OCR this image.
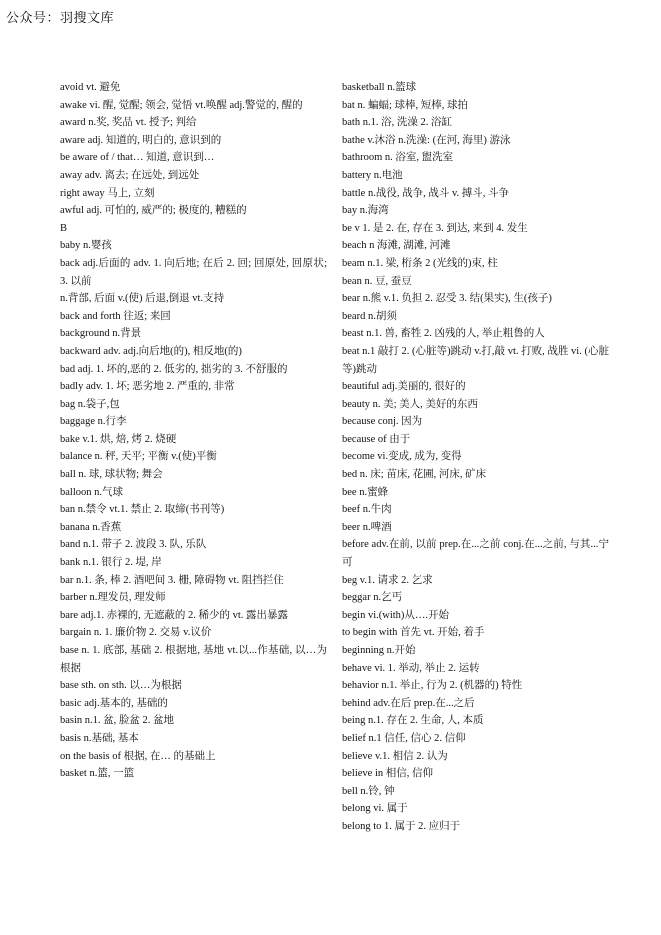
公众号：羽搜文库

avoid vt. 避免

awake vi. 醒, 觉醒; 领会, 觉悟 vt.唤醒 adj.警觉的, 醒的

award n.奖, 奖品 vt. 授予; 判给

aware adj. 知道的, 明白的, 意识到的

be aware of / that… 知道, 意识到…

away adv. 离去; 在远处, 到远处

right away 马上, 立刻

awful adj. 可怕的, 威严的; 极度的, 糟糕的

B

baby n.婴孩

back adj.后面的 adv. 1. 向后地; 在后 2. 回; 回原处, 回原状; 3. 以前

n.背部, 后面 v.(使) 后退,倒退 vt.支持

back and forth 往返; 来回

background n.背景

backward adv. adj.向后地(的), 相反地(的)

bad adj. 1. 坏的,恶的 2. 低劣的, 拙劣的 3. 不舒服的

badly adv. 1. 坏; 恶劣地 2. 严重的, 非常

bag n.袋子,包

baggage n.行李

bake v.1. 烘, 焙, 烤 2. 烧硬

balance n. 秤, 天平; 平衡 v.(使)平衡

ball n. 球, 球状物; 舞会

balloon n.气球

ban n.禁令 vt.1. 禁止 2. 取缔(书刊等)

banana n.香蕉

band n.1. 带子 2. 波段 3. 队, 乐队

bank n.1. 银行 2. 堤, 岸

bar n.1. 条, 棒 2. 酒吧间 3. 栅, 障碍物 vt. 阻挡拦住

barber n.理发员, 理发师

bare adj.1. 赤裸的, 无遮蔽的 2. 稀少的 vt. 露出暴露

bargain n. 1. 廉价物 2. 交易 v.议价

base n. 1. 底部, 基础 2. 根据地, 基地 vt.以...作基础, 以…为根据

base sth. on sth. 以…为根据

basic adj.基本的, 基础的

basin n.1. 盆, 脸盆 2. 盆地

basis n.基础, 基本

on the basis of 根据, 在… 的基础上

basket n.篮, 一篮

basketball n.篮球

bat n. 蝙蝠; 球棒, 短棒, 球拍

bath n.1. 浴, 洗澡 2. 浴缸

bathe v.沐浴 n.洗澡: (在河, 海里) 游泳

bathroom n. 浴室, 盥洗室

battery n.电池

battle n.战役, 战争, 战斗 v. 搏斗, 斗争

bay n.海湾

be v 1. 是 2. 在, 存在 3. 到达, 来到 4. 发生

beach n 海滩, 湖滩, 河滩

beam n.1. 梁, 桁条 2 (光线的)束, 柱

bean n. 豆, 蚕豆

bear n.熊 v.1. 负担 2. 忍受 3. 结(果实), 生(孩子)

beard n.胡须

beast n.1. 兽, 畜牲 2. 凶残的人, 举止粗鲁的人

beat n.1 敲打 2. (心脏等)跳动 v.打,敲 vt. 打败, 战胜 vi. (心脏等)跳动

beautiful adj.美丽的, 很好的

beauty n. 美; 美人, 美好的东西

because conj. 因为

because of 由于

become vi.变成, 成为, 变得

bed n. 床; 苗床, 花圃, 河床, 矿床

bee n.蜜蜂

beef n.牛肉

beer n.啤酒

before adv.在前, 以前 prep.在...之前 conj.在...之前, 与其...宁可

beg v.1. 请求 2. 乞求

beggar n.乞丐

begin vi.(with)从….开始

to begin with 首先 vt. 开始, 着手

beginning n.开始

behave vi. 1. 举动, 举止 2. 运转

behavior n.1. 举止, 行为 2. (机器的) 特性

behind adv.在后 prep.在...之后

being n.1. 存在 2. 生命, 人, 本质

belief n.1 信任, 信心 2. 信仰

believe v.1. 相信 2. 认为

believe in 相信, 信仰

bell n.铃, 钟

belong vi. 属于

belong to 1. 属于 2. 应归于
